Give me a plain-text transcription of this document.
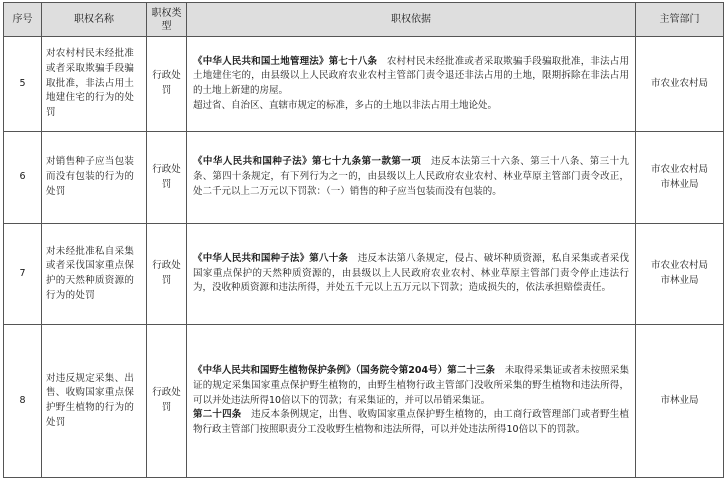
序号	职权名称	职权类型	职权依据	主管部门
5	对农村村民未经批准或者采取欺骗手段骗取批准，非法占用土地建住宅的行为的处罚	行政处罚	《中华人民共和国土地管理法》第七十八条　农村村民未经批准或者采取欺骗手段骗取批准，非法占用土地建住宅的，由县级以上人民政府农业农村主管部门责令退还非法占用的土地，限期拆除在非法占用的土地上新建的房屋。
超过省、自治区、直辖市规定的标准，多占的土地以非法占用土地论处。	市农业农村局

6	对销售种子应当包装而没有包装的行为的处罚	行政处罚	《中华人民共和国种子法》第七十九条第一款第一项　违反本法第三十六条、第三十八条、第三十九条、第四十条规定，有下列行为之一的，由县级以上人民政府农业农村、林业草原主管部门责令改正，处二千元以上二万元以下罚款：（一）销售的种子应当包装而没有包装的。	市农业农村局
市林业局

7	对未经批准私自采集或者采伐国家重点保护的天然种质资源的行为的处罚	行政处罚	《中华人民共和国种子法》第八十条　违反本法第八条规定，侵占、破坏种质资源，私自采集或者采伐国家重点保护的天然种质资源的，由县级以上人民政府农业农村、林业草原主管部门责令停止违法行为，没收种质资源和违法所得，并处五千元以上五万元以下罚款；造成损失的，依法承担赔偿责任。	市农业农村局
市林业局

8	对违反规定采集、出售、收购国家重点保护野生植物的行为的处罚	行政处罚	《中华人民共和国野生植物保护条例》（国务院令第204号）第二十三条　未取得采集证或者未按照采集证的规定采集国家重点保护野生植物的，由野生植物行政主管部门没收所采集的野生植物和违法所得，可以并处违法所得10倍以下的罚款；有采集证的，并可以吊销采集证。
第二十四条　违反本条例规定，出售、收购国家重点保护野生植物的，由工商行政管理部门或者野生植物行政主管部门按照职责分工没收野生植物和违法所得，可以并处违法所得10倍以下的罚款。	市林业局
